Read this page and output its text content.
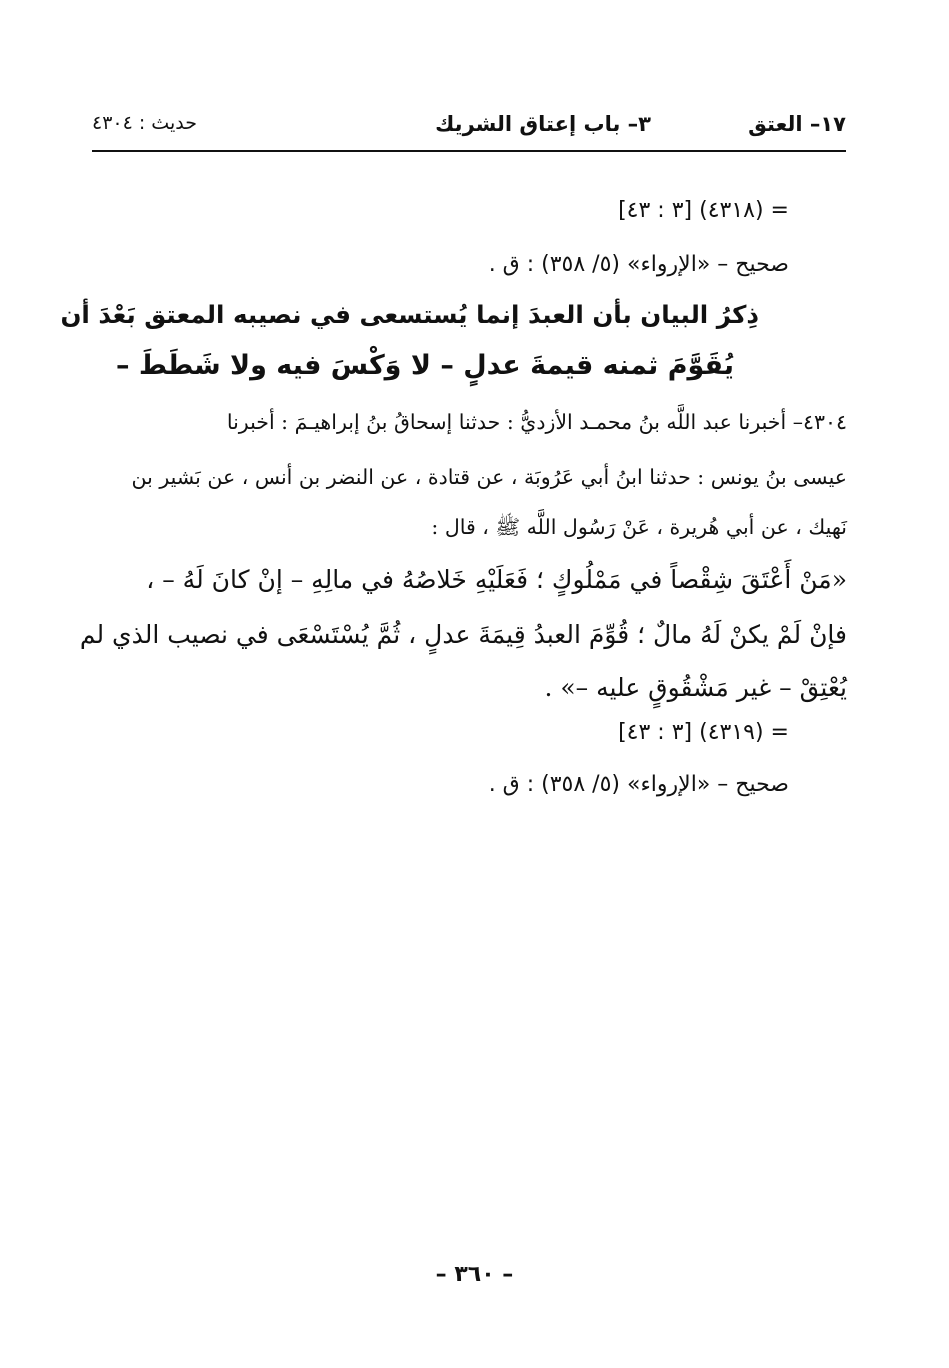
١٧– العتق
٣– باب إعتاق الشريك
حديث : ٤٣٠٤
= (٤٣١٨) [٣ : ٤٣]
صحيح – «الإرواء» (٥/ ٣٥٨) : ق .
ذِكرُ البيان بأن العبدَ إنما يُستسعى في نصيبه المعتق بَعْدَ أن
يُقَوَّمَ ثمنه قيمةَ عدلٍ – لا وَكْسَ فيه ولا شَطَطَ –
٤٣٠٤– أخبرنا عبد اللَّه بنُ محمـد الأزديُّ : حدثنا إسحاقُ بنُ إبراهيـمَ : أخبرنا
عيسى بنُ يونس : حدثنا ابنُ أبي عَرُوبَة ، عن قتادة ، عن النضر بن أنس ، عن بَشير بن
نَهيك ، عن أبي هُريرة ، عَنْ رَسُول اللَّه ﷺ ، قال :
«مَنْ أَعْتَقَ شِقْصاً في مَمْلُوكٍ ؛ فَعَلَيْهِ خَلاصُهُ في مالِهِ – إنْ كانَ لَهُ – ،
فإنْ لَمْ يكنْ لَهُ مالٌ ؛ قُوِّمَ العبدُ قِيمَةَ عدلٍ ، ثُمَّ يُسْتَسْعَى في نصيب الذي لم
يُعْتِقْ – غير مَشْقُوقٍ عليه –» .
= (٤٣١٩) [٣ : ٤٣]
صحيح – «الإرواء» (٥/ ٣٥٨) : ق .
– ٣٦٠ –
